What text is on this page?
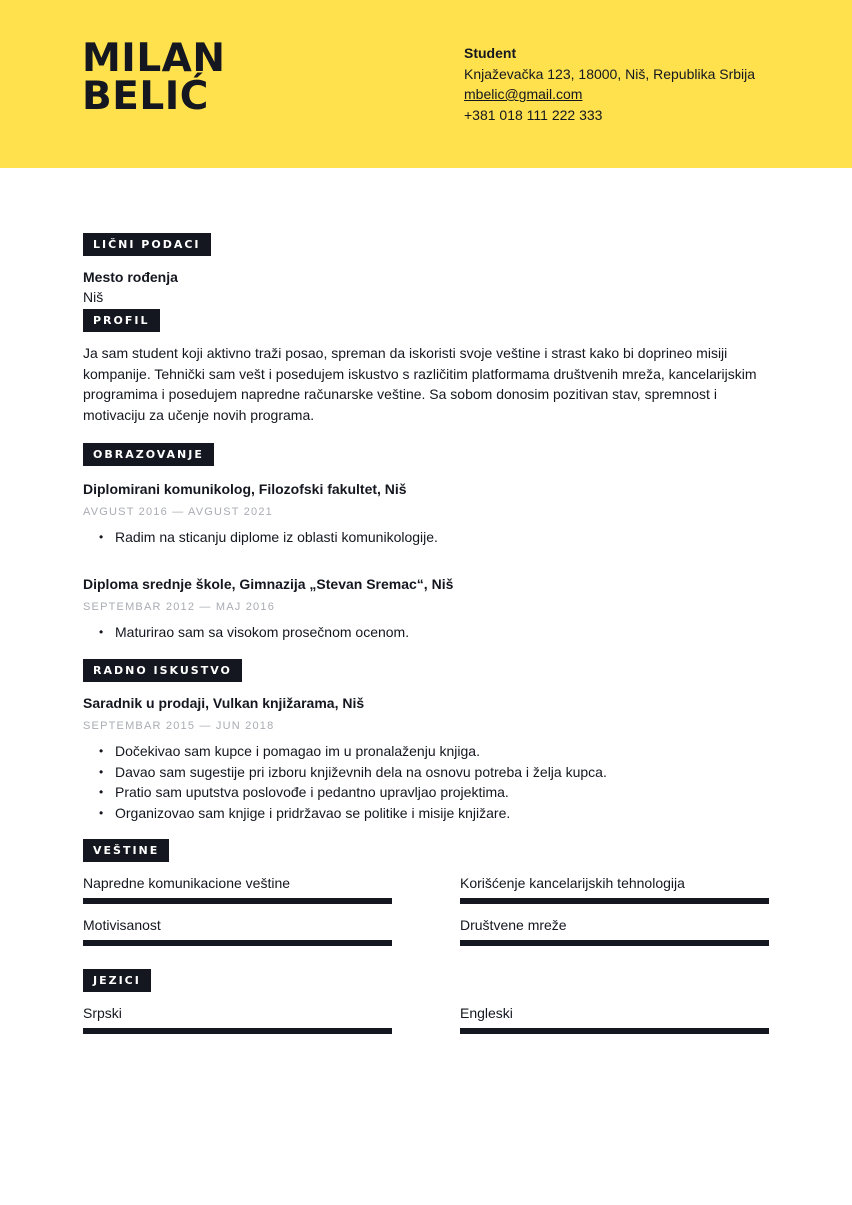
MILAN
BELIĆ
Student
Knjaževačka 123, 18000, Niš, Republika Srbija
mbelic@gmail.com
+381 018 111 222 333
LIČNI PODACI
Mesto rođenja
Niš
PROFIL
Ja sam student koji aktivno traži posao, spreman da iskoristi svoje veštine i strast kako bi doprineo misiji kompanije. Tehnički sam vešt i posedujem iskustvo s različitim platformama društvenih mreža, kancelarijskim programima i posedujem napredne računarske veštine. Sa sobom donosim pozitivan stav, spremnost i motivaciju za učenje novih programa.
OBRAZOVANJE
Diplomirani komunikolog, Filozofski fakultet, Niš
AVGUST 2016 — AVGUST 2021
• Radim na sticanju diplome iz oblasti komunikologije.
Diploma srednje škole, Gimnazija „Stevan Sremac“, Niš
SEPTEMBAR 2012 — MAJ 2016
• Maturirao sam sa visokom prosečnom ocenom.
RADNO ISKUSTVO
Saradnik u prodaji, Vulkan knjižarama, Niš
SEPTEMBAR 2015 — JUN 2018
• Dočekivao sam kupce i pomagao im u pronalaženju knjiga.
• Davao sam sugestije pri izboru književnih dela na osnovu potreba i želja kupca.
• Pratio sam uputstva poslovođe i pedantno upravljao projektima.
• Organizovao sam knjige i pridržavao se politike i misije knjižare.
VEŠTINE
Napredne komunikacione veštine	Korišćenje kancelarijskih tehnologija
Motivisanost	Društvene mreže
JEZICI
Srpski	Engleski
